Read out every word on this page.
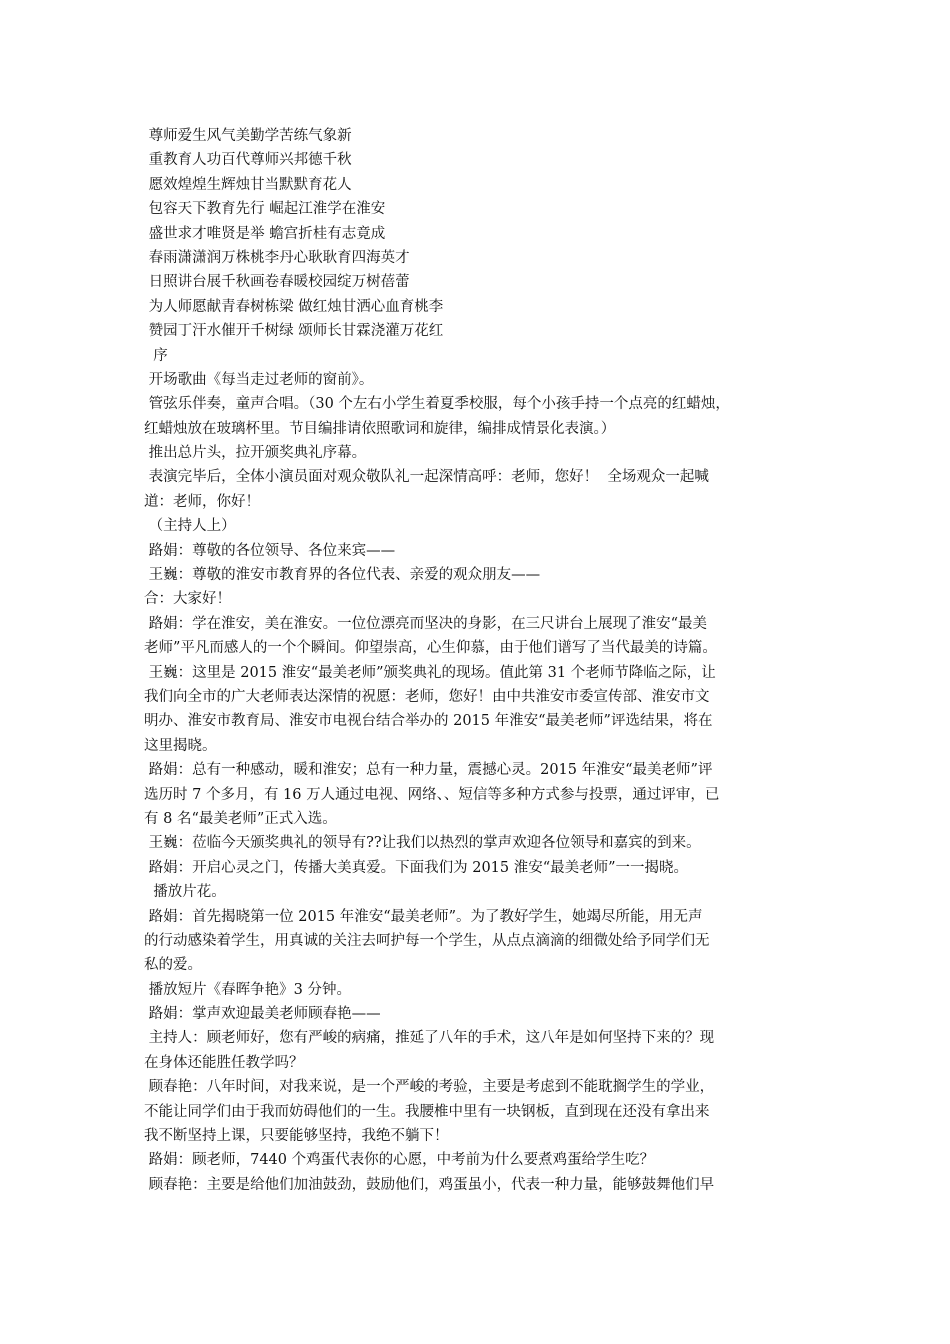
尊师爱生风气美勤学苦练气象新
重教育人功百代尊师兴邦德千秋
愿效煌煌生辉烛甘当默默育花人
包容天下教育先行 崛起江淮学在淮安
盛世求才唯贤是举 蟾宫折桂有志竟成
春雨潇潇润万株桃李丹心耿耿育四海英才
日照讲台展千秋画卷春暖校园绽万树蓓蕾
为人师愿献青春树栋梁 做红烛甘洒心血育桃李
赞园丁汗水催开千树绿 颂师长甘霖浇灌万花红
序
开场歌曲《每当走过老师的窗前》。
管弦乐伴奏，童声合唱。（30 个左右小学生着夏季校服，每个小孩手持一个点亮的红蜡烛，
红蜡烛放在玻璃杯里。节目编排请依照歌词和旋律，编排成情景化表演。）
推出总片头，拉开颁奖典礼序幕。
表演完毕后，全体小演员面对观众敬队礼一起深情高呼：老师，您好！  全场观众一起喊
道：老师，你好！
（主持人上）
路娟：尊敬的各位领导、各位来宾——
王巍：尊敬的淮安市教育界的各位代表、亲爱的观众朋友——
合：大家好！
路娟：学在淮安，美在淮安。一位位漂亮而坚决的身影，在三尺讲台上展现了淮安“最美
老师”平凡而感人的一个个瞬间。仰望崇高，心生仰慕，由于他们谱写了当代最美的诗篇。
王巍：这里是 2015 淮安“最美老师”颁奖典礼的现场。值此第 31 个老师节降临之际，让
我们向全市的广大老师表达深情的祝愿：老师，您好！由中共淮安市委宣传部、淮安市文
明办、淮安市教育局、淮安市电视台结合举办的 2015 年淮安“最美老师”评选结果，将在
这里揭晓。
路娟：总有一种感动，暖和淮安；总有一种力量，震撼心灵。2015 年淮安“最美老师”评
选历时 7 个多月，有 16 万人通过电视、网络、、短信等多种方式参与投票，通过评审，已
有 8 名“最美老师”正式入选。
王巍：莅临今天颁奖典礼的领导有??让我们以热烈的掌声欢迎各位领导和嘉宾的到来。
路娟：开启心灵之门，传播大美真爱。下面我们为 2015 淮安“最美老师”一一揭晓。
播放片花。
路娟：首先揭晓第一位 2015 年淮安“最美老师”。为了教好学生，她竭尽所能，用无声
的行动感染着学生，用真诚的关注去呵护每一个学生，从点点滴滴的细微处给予同学们无
私的爱。
播放短片《春晖争艳》3 分钟。
路娟：掌声欢迎最美老师顾春艳——
主持人：顾老师好，您有严峻的病痛，推延了八年的手术，这八年是如何坚持下来的？现
在身体还能胜任教学吗？
顾春艳：八年时间，对我来说，是一个严峻的考验，主要是考虑到不能耽搁学生的学业，
不能让同学们由于我而妨碍他们的一生。我腰椎中里有一块钢板，直到现在还没有拿出来
我不断坚持上课，只要能够坚持，我绝不躺下！
路娟：顾老师，7440 个鸡蛋代表你的心愿，中考前为什么要煮鸡蛋给学生吃？
顾春艳：主要是给他们加油鼓劲，鼓励他们，鸡蛋虽小，代表一种力量，能够鼓舞他们早
